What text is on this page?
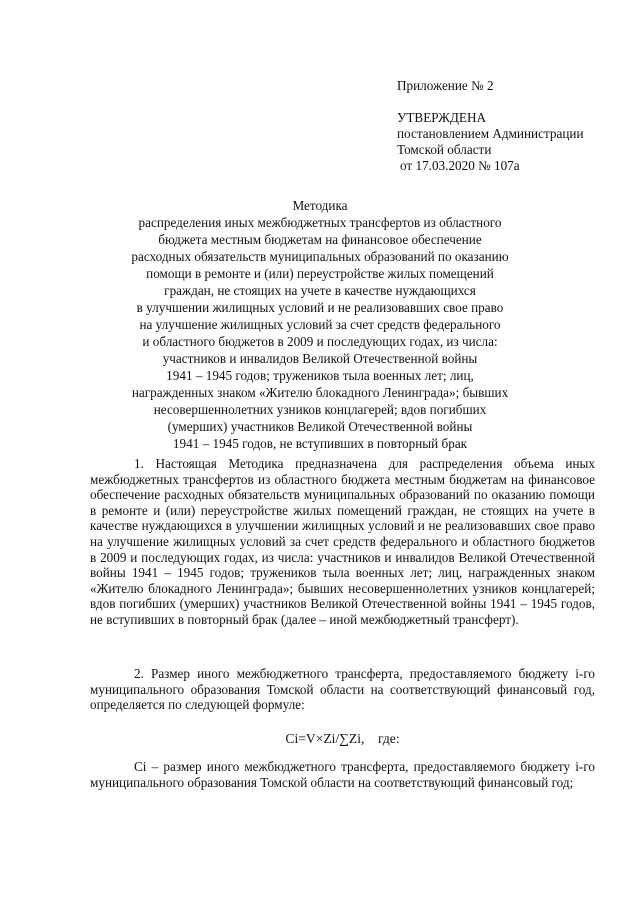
Приложение № 2
УТВЕРЖДЕНА
постановлением Администрации
Томской области
от 17.03.2020 № 107а
Методика
распределения иных межбюджетных трансфертов из областного
бюджета местным бюджетам на финансовое обеспечение
расходных обязательств муниципальных образований по оказанию
помощи в ремонте и (или) переустройстве жилых помещений
граждан, не стоящих на учете в качестве нуждающихся
в улучшении жилищных условий и не реализовавших свое право
на улучшение жилищных условий за счет средств федерального
и областного бюджетов в 2009 и последующих годах, из числа:
участников и инвалидов Великой Отечественной войны
1941 – 1945 годов; тружеников тыла военных лет; лиц,
награжденных знаком «Жителю блокадного Ленинграда»; бывших
несовершеннолетних узников концлагерей; вдов погибших
(умерших) участников Великой Отечественной войны
1941 – 1945 годов, не вступивших в повторный брак

1. Настоящая Методика предназначена для распределения объема иных межбюджетных трансфертов из областного бюджета местным бюджетам на финансовое обеспечение расходных обязательств муниципальных образований по оказанию помощи в ремонте и (или) переустройстве жилых помещений граждан, не стоящих на учете в качестве нуждающихся в улучшении жилищных условий и не реализовавших свое право на улучшение жилищных условий за счет средств федерального и областного бюджетов в 2009 и последующих годах, из числа: участников и инвалидов Великой Отечественной войны 1941 – 1945 годов; тружеников тыла военных лет; лиц, награжденных знаком «Жителю блокадного Ленинграда»; бывших несовершеннолетних узников концлагерей; вдов погибших (умерших) участников Великой Отечественной войны 1941 – 1945 годов, не вступивших в повторный брак (далее – иной межбюджетный трансферт).

2. Размер иного межбюджетного трансферта, предоставляемого бюджету i-го муниципального образования Томской области на соответствующий финансовый год, определяется по следующей формуле:

Ci=V×Zi/∑Zi,    где:

Ci – размер иного межбюджетного трансферта, предоставляемого бюджету i-го муниципального образования Томской области на соответствующий финансовый год;
